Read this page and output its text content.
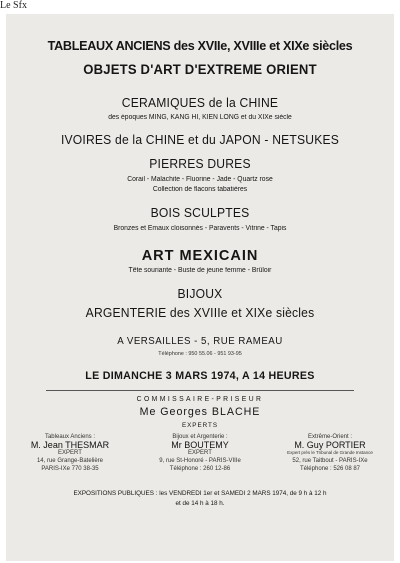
Le Sfx
TABLEAUX ANCIENS des XVIIe, XVIIIe et XIXe siècles
OBJETS D'ART D'EXTREME ORIENT
CERAMIQUES de la CHINE
des époques MING, KANG HI, KIEN LONG et du XIXe siècle
IVOIRES de la CHINE et du JAPON - NETSUKES
PIERRES DURES
Corail - Malachite - Fluorine - Jade - Quartz rose
Collection de flacons tabatières
BOIS SCULPTES
Bronzes et Emaux cloisonnés - Paravents - Vitrine - Tapis
ART MEXICAIN
Tête souriante - Buste de jeune femme - Brûloir
BIJOUX
ARGENTERIE des XVIIIe et XIXe siècles
A VERSAILLES - 5, RUE RAMEAU
Téléphone : 950 55.06 - 951 93-95
LE DIMANCHE 3 MARS 1974, A 14 HEURES
COMMISSAIRE-PRISEUR
Me Georges BLACHE
EXPERTS
Tableaux Anciens :
M. Jean THESMAR
EXPERT
14, rue Grange-Batelière
PARIS-IXe 770 38-35
Bijoux et Argenterie :
Mr BOUTEMY
EXPERT
9, rue St-Honoré - PARIS-VIIIe
Téléphone : 260 12-86
Extrême-Orient :
M. Guy PORTIER
Expert près le Tribunal de Grande Instance
52, rue Taitbout - PARIS-IXe
Téléphone : 526 08 87
EXPOSITIONS PUBLIQUES : les VENDREDI 1er et SAMEDI 2 MARS 1974, de 9 h à 12 h
et de 14 h à 18 h.
